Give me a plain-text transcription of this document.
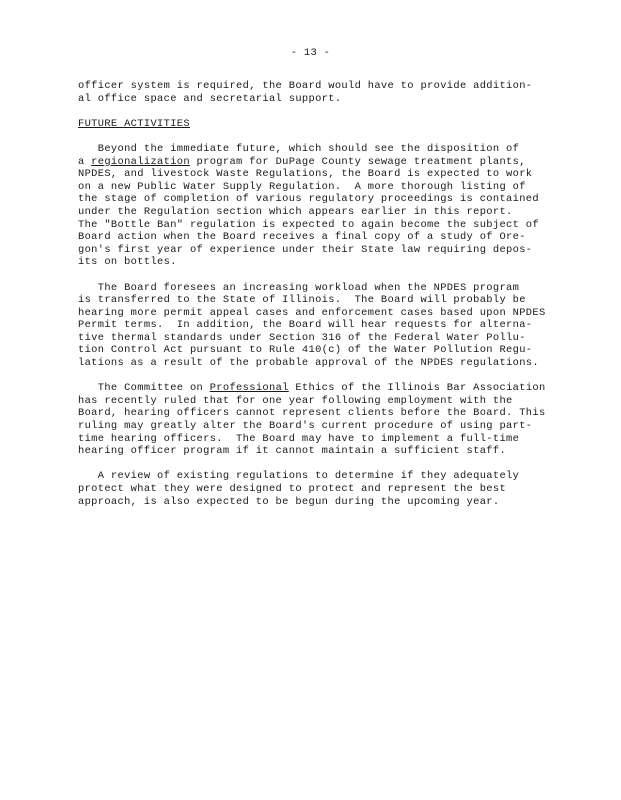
- 13 -
officer system is required, the Board would have to provide addition-
al office space and secretarial support.
FUTURE ACTIVITIES
Beyond the immediate future, which should see the disposition of
a regionalization program for DuPage County sewage treatment plants,
NPDES, and livestock Waste Regulations, the Board is expected to work
on a new Public Water Supply Regulation.  A more thorough listing of
the stage of completion of various regulatory proceedings is contained
under the Regulation section which appears earlier in this report.
The "Bottle Ban" regulation is expected to again become the subject of
Board action when the Board receives a final copy of a study of Ore-
gon's first year of experience under their State law requiring depos-
its on bottles.
The Board foresees an increasing workload when the NPDES program
is transferred to the State of Illinois.  The Board will probably be
hearing more permit appeal cases and enforcement cases based upon NPDES
Permit terms.  In addition, the Board will hear requests for alterna-
tive thermal standards under Section 316 of the Federal Water Pollu-
tion Control Act pursuant to Rule 410(c) of the Water Pollution Regu-
lations as a result of the probable approval of the NPDES regulations.
The Committee on Professional Ethics of the Illinois Bar Association
has recently ruled that for one year following employment with the
Board, hearing officers cannot represent clients before the Board. This
ruling may greatly alter the Board's current procedure of using part-
time hearing officers.  The Board may have to implement a full-time
hearing officer program if it cannot maintain a sufficient staff.
A review of existing regulations to determine if they adequately
protect what they were designed to protect and represent the best
approach, is also expected to be begun during the upcoming year.
